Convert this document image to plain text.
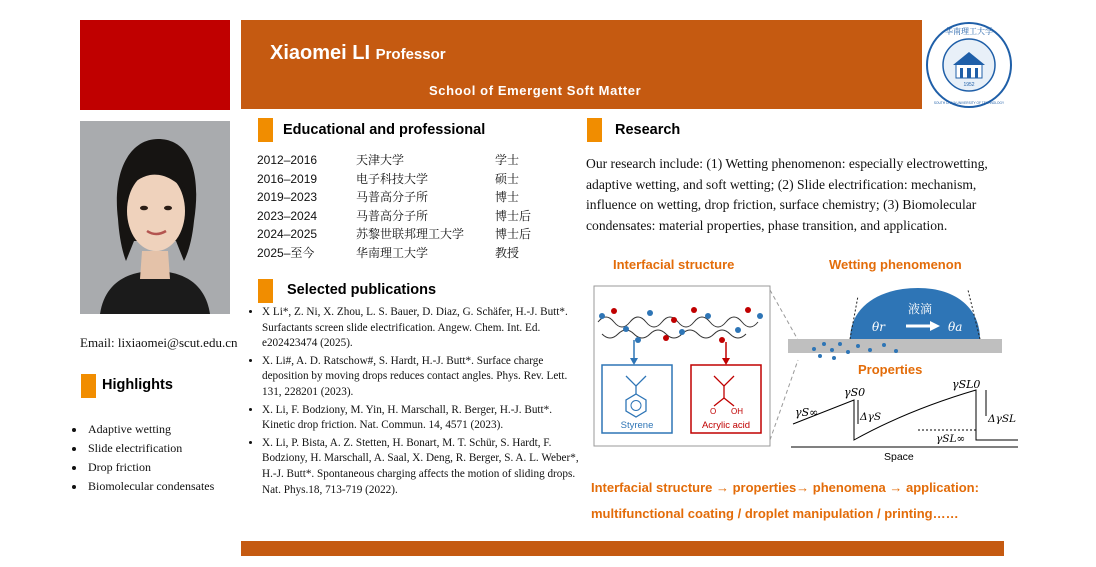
Xiaomei LI Professor
School of Emergent Soft Matter	1952
华南理工大学
SOUTH CHINA UNIVERSITY OF TECHNOLOGY
Email: lixiaomei@scut.edu.cn
Highlights
• Adaptive wetting
• Slide electrification
• Drop friction
• Biomolecular condensates
Educational and professional
2012–2016	天津大学	学士
2016–2019	电子科技大学	硕士
2019–2023	马普高分子所	博士
2023–2024	马普高分子所	博士后
2024–2025	苏黎世联邦理工大学	博士后
2025–至今	华南理工大学	教授
Selected publications
• X Li*, Z. Ni, X. Zhou, L. S. Bauer, D. Diaz, G. Schäfer, H.-J. Butt*. Surfactants screen slide electrification. Angew. Chem. Int. Ed. e202423474 (2025).
• X. Li#, A. D. Ratschow#, S. Hardt, H.-J. Butt*. Surface charge deposition by moving drops reduces contact angles. Phys. Rev. Lett. 131, 228201 (2023).
• X. Li, F. Bodziony, M. Yin, H. Marschall, R. Berger, H.-J. Butt*. Kinetic drop friction. Nat. Commun. 14, 4571 (2023).
• X. Li, P. Bista, A. Z. Stetten, H. Bonart, M. T. Schür, S. Hardt, F. Bodziony, H. Marschall, A. Saal, X. Deng, R. Berger, S. A. L. Weber*, H.-J. Butt*. Spontaneous charging affects the motion of sliding drops. Nat. Phys.18, 713-719 (2022).
Research
Our research include: (1) Wetting phenomenon: especially electrowetting, adaptive wetting, and soft wetting; (2) Slide electrification: mechanism, influence on wetting, drop friction, surface chemistry; (3) Biomolecular condensates: material properties, phase transition, and application.
Interfacial structure	Wetting phenomenon
Styrene
O OH
Acrylic acid
液滴
θr	θa
Properties
γS∞
γS0
ΔγS
γSL0
γSL∞
ΔγSL
Space
Interfacial structure → properties→ phenomena → application:
multifunctional coating / droplet manipulation / printing……
